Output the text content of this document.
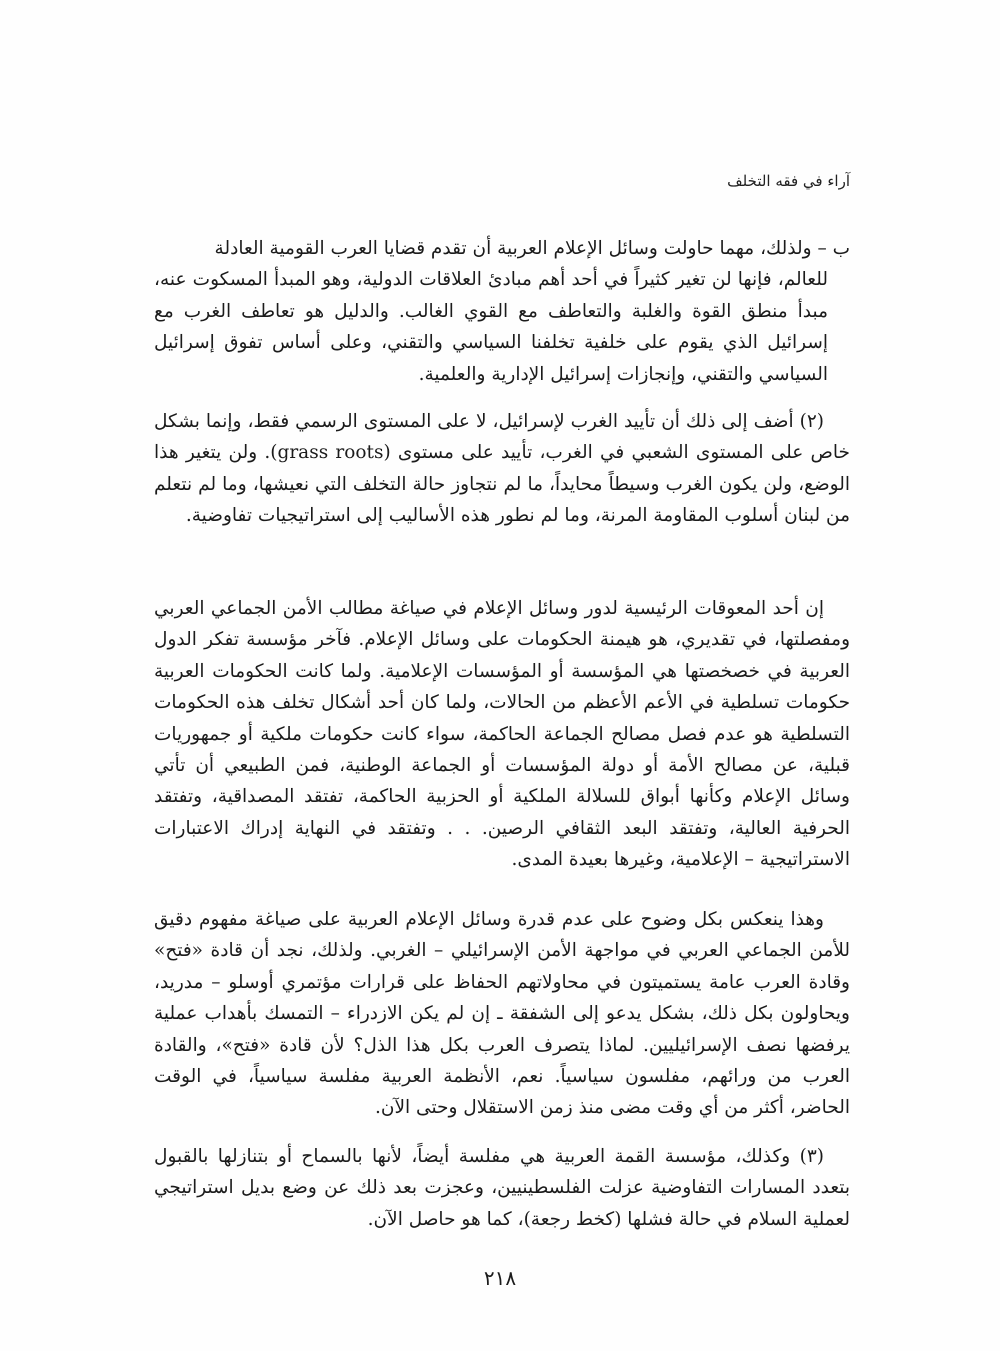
آراء في فقه التخلف

ب – ولذلك، مهما حاولت وسائل الإعلام العربية أن تقدم قضايا العرب القومية العادلة

للعالم، فإنها لن تغير كثيراً في أحد أهم مبادئ العلاقات الدولية، وهو المبدأ المسكوت عنه، مبدأ منطق القوة والغلبة والتعاطف مع القوي الغالب. والدليل هو تعاطف الغرب مع إسرائيل الذي يقوم على خلفية تخلفنا السياسي والتقني، وعلى أساس تفوق إسرائيل السياسي والتقني، وإنجازات إسرائيل الإدارية والعلمية.

(٢) أضف إلى ذلك أن تأييد الغرب لإسرائيل، لا على المستوى الرسمي فقط، وإنما بشكل خاص على المستوى الشعبي في الغرب، تأييد على مستوى (grass roots). ولن يتغير هذا الوضع، ولن يكون الغرب وسيطاً محايداً، ما لم نتجاوز حالة التخلف التي نعيشها، وما لم نتعلم من لبنان أسلوب المقاومة المرنة، وما لم نطور هذه الأساليب إلى استراتيجيات تفاوضية.

إن أحد المعوقات الرئيسية لدور وسائل الإعلام في صياغة مطالب الأمن الجماعي العربي ومفصلتها، في تقديري، هو هيمنة الحكومات على وسائل الإعلام. فآخر مؤسسة تفكر الدول العربية في خصخصتها هي المؤسسة أو المؤسسات الإعلامية. ولما كانت الحكومات العربية حكومات تسلطية في الأعم الأعظم من الحالات، ولما كان أحد أشكال تخلف هذه الحكومات التسلطية هو عدم فصل مصالح الجماعة الحاكمة، سواء كانت حكومات ملكية أو جمهوريات قبلية، عن مصالح الأمة أو دولة المؤسسات أو الجماعة الوطنية، فمن الطبيعي أن تأتي وسائل الإعلام وكأنها أبواق للسلالة الملكية أو الحزبية الحاكمة، تفتقد المصداقية، وتفتقد الحرفية العالية، وتفتقد البعد الثقافي الرصين. . . وتفتقد في النهاية إدراك الاعتبارات الاستراتيجية – الإعلامية، وغيرها بعيدة المدى.

وهذا ينعكس بكل وضوح على عدم قدرة وسائل الإعلام العربية على صياغة مفهوم دقيق للأمن الجماعي العربي في مواجهة الأمن الإسرائيلي – الغربي. ولذلك، نجد أن قادة «فتح» وقادة العرب عامة يستميتون في محاولاتهم الحفاظ على قرارات مؤتمري أوسلو – مدريد، ويحاولون بكل ذلك، بشكل يدعو إلى الشفقة ـ إن لم يكن الازدراء – التمسك بأهداب عملية يرفضها نصف الإسرائيليين. لماذا يتصرف العرب بكل هذا الذل؟ لأن قادة «فتح»، والقادة العرب من ورائهم، مفلسون سياسياً. نعم، الأنظمة العربية مفلسة سياسياً، في الوقت الحاضر، أكثر من أي وقت مضى منذ زمن الاستقلال وحتى الآن.

(٣) وكذلك، مؤسسة القمة العربية هي مفلسة أيضاً، لأنها بالسماح أو بتنازلها بالقبول بتعدد المسارات التفاوضية عزلت الفلسطينيين، وعجزت بعد ذلك عن وضع بديل استراتيجي لعملية السلام في حالة فشلها (كخط رجعة)، كما هو حاصل الآن.

٢١٨
